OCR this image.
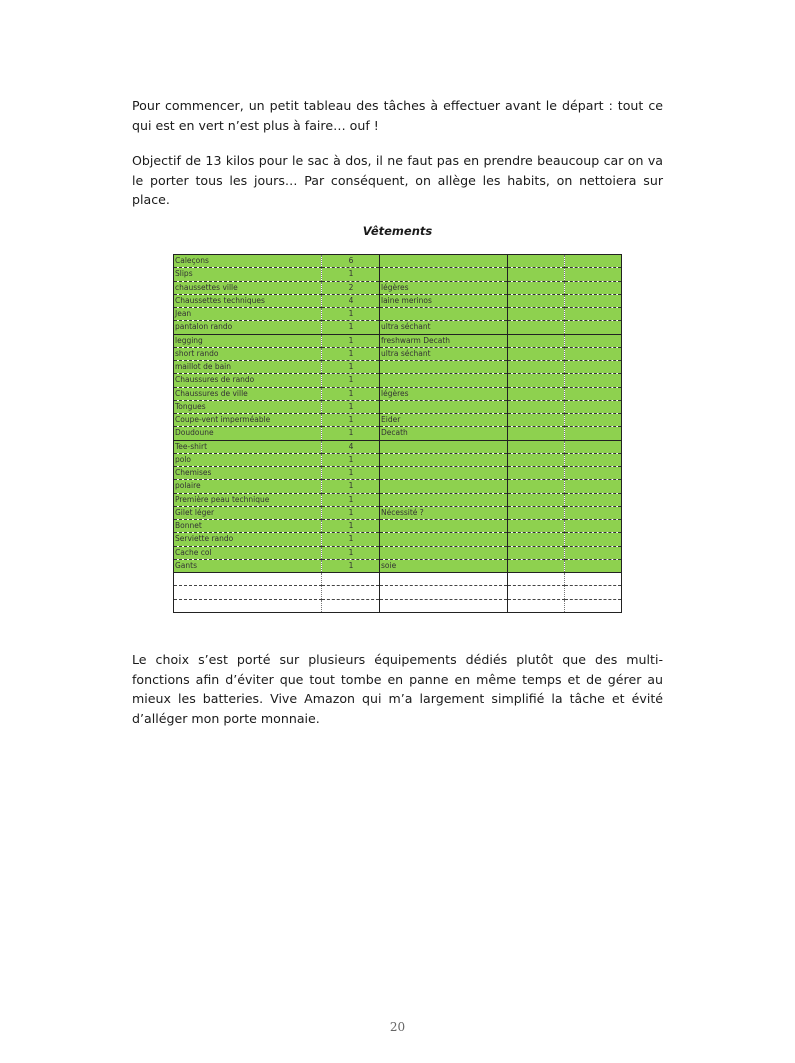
Pour commencer, un petit tableau des tâches à effectuer avant le départ : tout ce qui est en vert n’est plus à faire… ouf !

Objectif de 13 kilos pour le sac à dos, il ne faut pas en prendre beaucoup car on va le porter tous les jours… Par conséquent, on allège les habits, on nettoiera sur place.

Vêtements
Caleçons	6			
Slips	1			
chaussettes ville	2	légères		
Chaussettes techniques	4	laine merinos		
Jean	1			
pantalon rando	1	ultra séchant		
legging	1	freshwarm Decath		
short rando	1	ultra séchant		
maillot de bain	1			
Chaussures de rando	1			
Chaussures de ville	1	légères		
Tongues	1			
Coupe-vent imperméable	1	Eider		
Doudoune	1	Decath		
Tee-shirt	4			
polo	1			
Chemises	1			
polaire	1			
Première peau technique	1			
Gilet léger	1	Nécessité ?		
Bonnet	1			
Serviette rando	1			
Cache col	1			
Gants	1	soie		

Le choix s’est porté sur plusieurs équipements dédiés plutôt que des multi-fonctions afin d’éviter que tout tombe en panne en même temps et de gérer au mieux les batteries. Vive Amazon qui m’a largement simplifié la tâche et évité d’alléger mon porte monnaie.

20
